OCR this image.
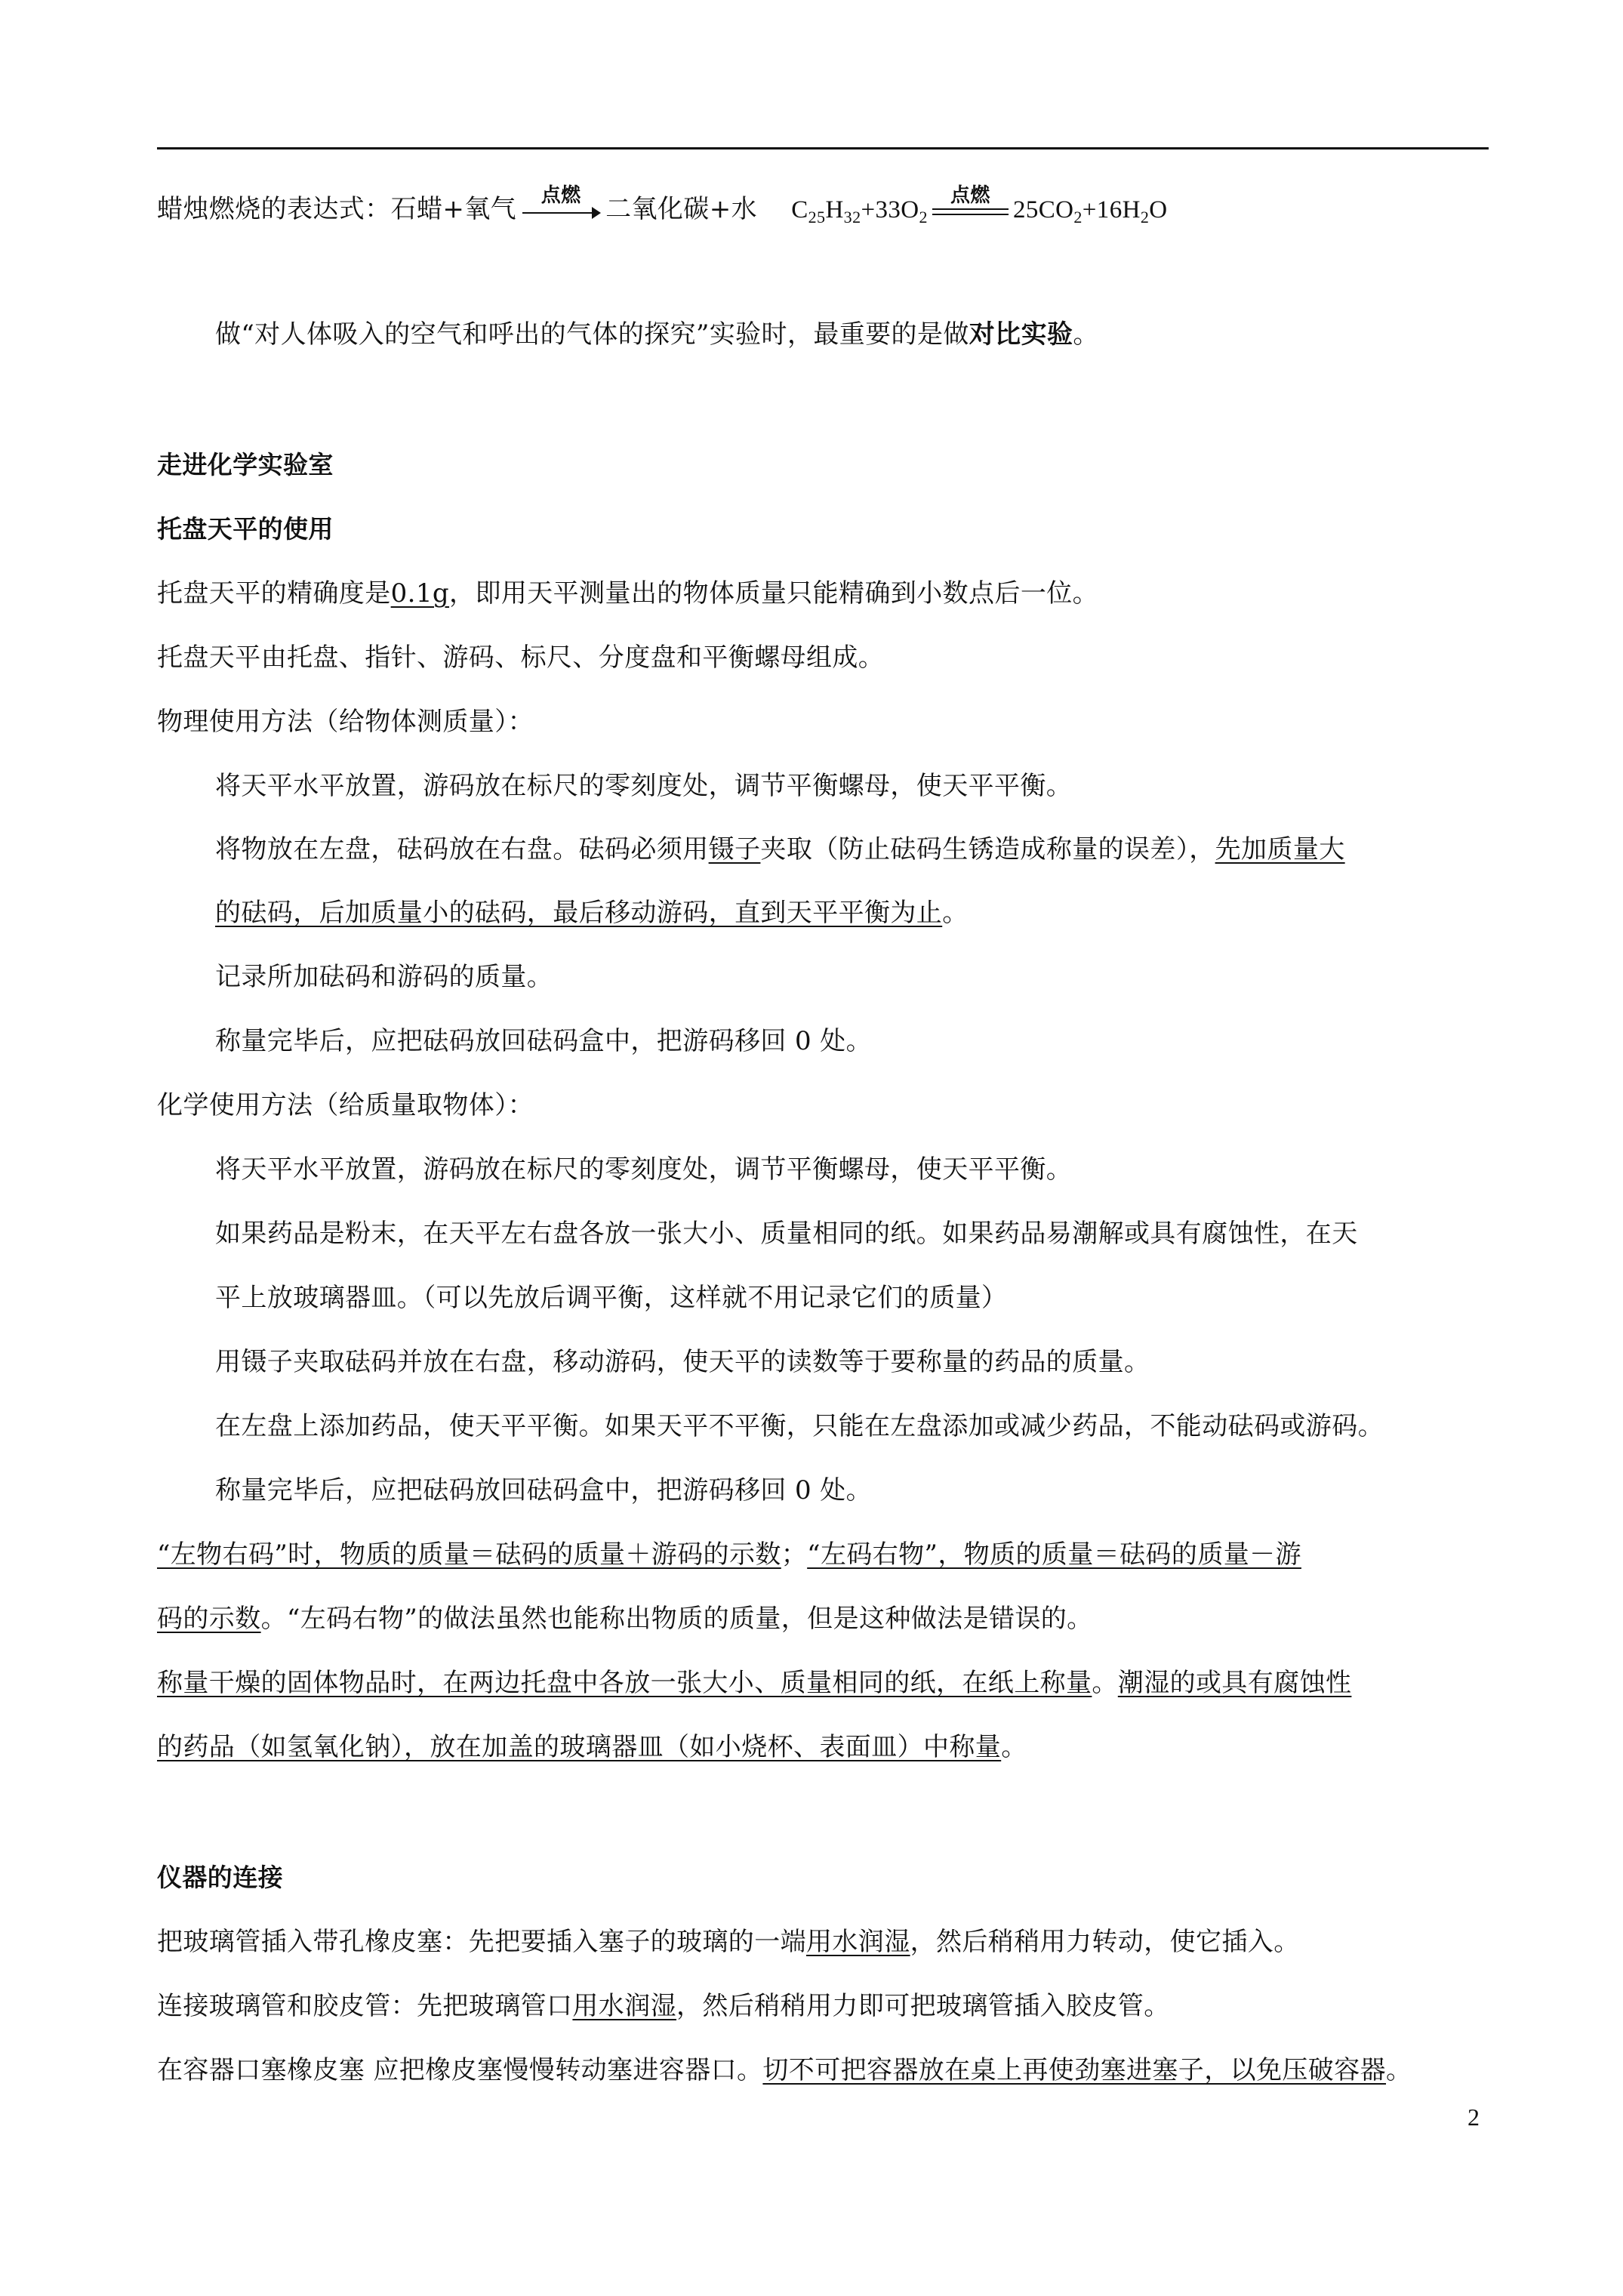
蜡烛燃烧的表达式：石蜡+氧气	点燃 二氧化碳+水 $C_{25}H_{32}+33O_2$
点燃
$25CO_2+16H_2O$
做“对人体吸入的空气和呼出的气体的探究”实验时，最重要的是做对比实验。
走进化学实验室
托盘天平的使用
托盘天平的精确度是0.1g，即用天平测量出的物体质量只能精确到小数点后一位。
托盘天平由托盘、指针、游码、标尺、分度盘和平衡螺母组成。
物理使用方法（给物体测质量）：
将天平水平放置，游码放在标尺的零刻度处，调节平衡螺母，使天平平衡。
将物放在左盘，砝码放在右盘。砝码必须用镊子夹取（防止砝码生锈造成称量的误差），先加质量大
的砝码，后加质量小的砝码，最后移动游码，直到天平平衡为止。
记录所加砝码和游码的质量。
称量完毕后，应把砝码放回砝码盒中，把游码移回 0 处。
化学使用方法（给质量取物体）：
将天平水平放置，游码放在标尺的零刻度处，调节平衡螺母，使天平平衡。
如果药品是粉末，在天平左右盘各放一张大小、质量相同的纸。如果药品易潮解或具有腐蚀性，在天
平上放玻璃器皿。（可以先放后调平衡，这样就不用记录它们的质量）
用镊子夹取砝码并放在右盘，移动游码，使天平的读数等于要称量的药品的质量。
在左盘上添加药品，使天平平衡。如果天平不平衡，只能在左盘添加或减少药品，不能动砝码或游码。
称量完毕后，应把砝码放回砝码盒中，把游码移回 0 处。
“左物右码”时，物质的质量＝砝码的质量＋游码的示数；“左码右物”，物质的质量＝砝码的质量－游
码的示数。“左码右物”的做法虽然也能称出物质的质量，但是这种做法是错误的。
称量干燥的固体物品时，在两边托盘中各放一张大小、质量相同的纸，在纸上称量。潮湿的或具有腐蚀性
的药品（如氢氧化钠），放在加盖的玻璃器皿（如小烧杯、表面皿）中称量。
仪器的连接
把玻璃管插入带孔橡皮塞：先把要插入塞子的玻璃的一端用水润湿，然后稍稍用力转动，使它插入。
连接玻璃管和胶皮管：先把玻璃管口用水润湿，然后稍稍用力即可把玻璃管插入胶皮管。
在容器口塞橡皮塞 应把橡皮塞慢慢转动塞进容器口。切不可把容器放在桌上再使劲塞进塞子，以免压破容器。
2
